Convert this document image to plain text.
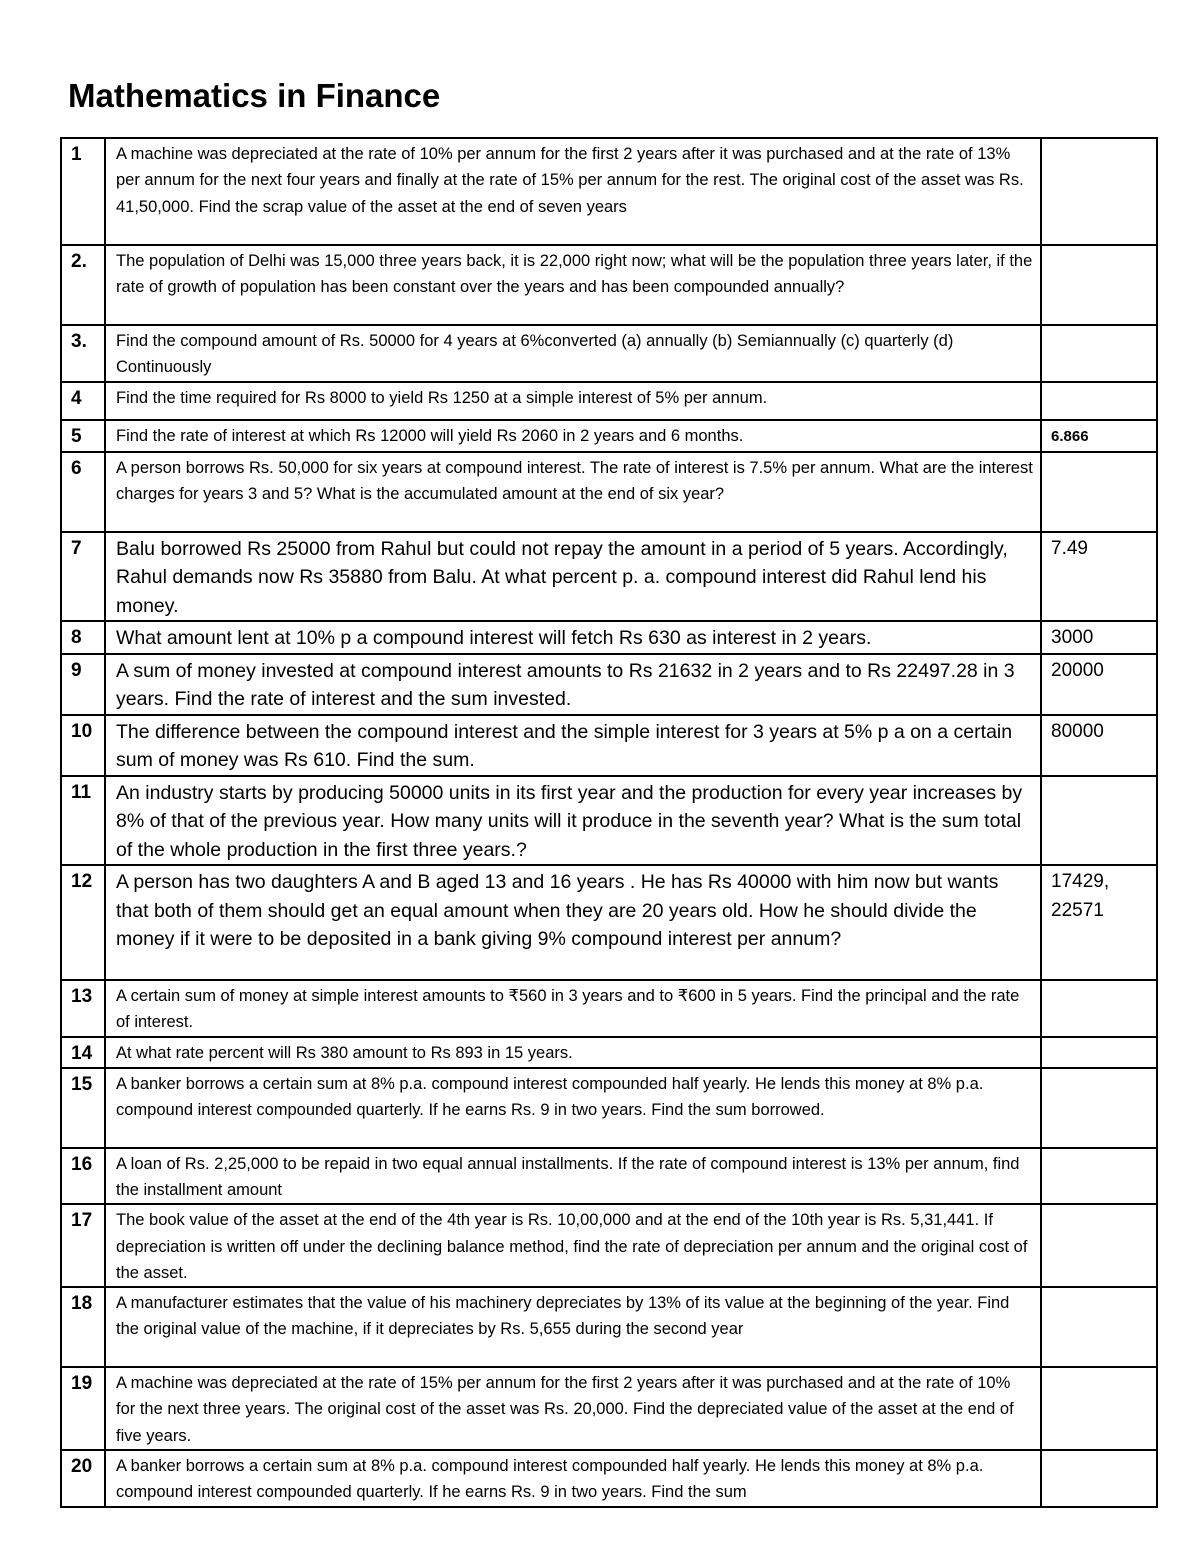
Mathematics in Finance
1	A machine was depreciated at the rate of 10% per annum for the first 2 years after it was purchased and at the rate of 13% per annum for the next four years and finally at the rate of 15% per annum for the rest. The original cost of the asset was Rs. 41,50,000. Find the scrap value of the asset at the end of seven years	
2.	The population of Delhi was 15,000 three years back, it is 22,000 right now; what will be the population three years later, if the rate of growth of population has been constant over the years and has been compounded annually?	
3.	Find the compound amount of Rs. 50000 for 4 years at 6%converted (a) annually (b) Semiannually (c) quarterly (d) Continuously	
4	Find the time required for Rs 8000 to yield Rs 1250 at a simple interest of 5% per annum.	
5	Find the rate of interest at which Rs 12000 will yield Rs 2060 in 2 years and 6 months.	6.866
6	A person borrows Rs. 50,000 for six years at compound interest. The rate of interest is 7.5% per annum. What are the interest charges for years 3 and 5? What is the accumulated amount at the end of six year?	
7	Balu borrowed Rs 25000 from Rahul but could not repay the amount in a period of 5 years. Accordingly, Rahul demands now Rs 35880 from Balu. At what percent p. a. compound interest did Rahul lend his money.	7.49
8	What amount lent at 10% p a compound interest will fetch Rs 630 as interest in 2 years.	3000
9	A sum of money invested at compound interest amounts to Rs 21632 in 2 years and to Rs 22497.28 in 3 years. Find the rate of interest and the sum invested.	20000
10	The difference between the compound interest and the simple interest for 3 years at 5% p a on a certain sum of money was Rs 610. Find the sum.	80000
11	An industry starts by producing 50000 units in its first year and the production for every year increases by 8% of that of the previous year. How many units will it produce in the seventh year? What is the sum total of the whole production in the first three years.?	
12	A person has two daughters A and B aged 13 and 16 years . He has Rs 40000 with him now but wants that both of them should get an equal amount when they are 20 years old. How he should divide the money if it were to be deposited in a bank giving 9% compound interest per annum?	17429,
22571

13	A certain sum of money at simple interest amounts to ₹560 in 3 years and to ₹600 in 5 years. Find the principal and the rate of interest.	
14	At what rate percent will Rs 380 amount to Rs 893 in 15 years.	
15	A banker borrows a certain sum at 8% p.a. compound interest compounded half yearly. He lends this money at 8% p.a. compound interest compounded quarterly. If he earns Rs. 9 in two years. Find the sum borrowed.	
16	A loan of Rs. 2,25,000 to be repaid in two equal annual installments. If the rate of compound interest is 13% per annum, find the installment amount	
17	The book value of the asset at the end of the 4th year is Rs. 10,00,000 and at the end of the 10th year is Rs. 5,31,441. If depreciation is written off under the declining balance method, find the rate of depreciation per annum and the original cost of the asset.	
18	A manufacturer estimates that the value of his machinery depreciates by 13% of its value at the beginning of the year. Find the original value of the machine, if it depreciates by Rs. 5,655 during the second year	
19	A machine was depreciated at the rate of 15% per annum for the first 2 years after it was purchased and at the rate of 10% for the next three years. The original cost of the asset was Rs. 20,000. Find the depreciated value of the asset at the end of five years.	
20	A banker borrows a certain sum at 8% p.a. compound interest compounded half yearly. He lends this money at 8% p.a. compound interest compounded quarterly. If he earns Rs. 9 in two years. Find the sum	
